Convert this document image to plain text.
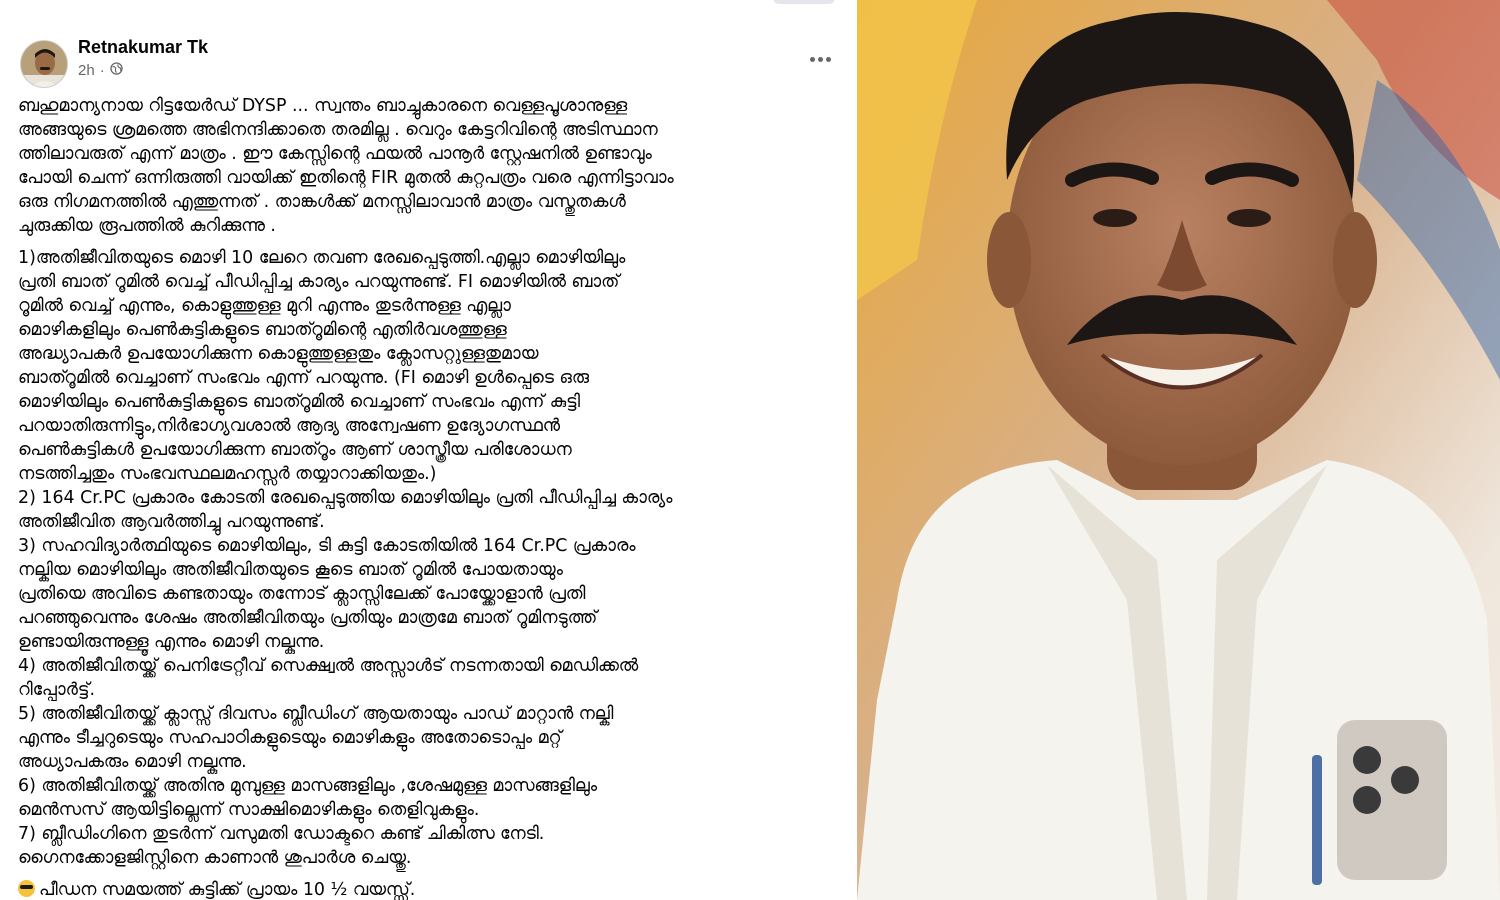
Retnakumar Tk
2h ·
ബഹുമാന്യനായ റിട്ടയേർഡ് DYSP ... സ്വന്തം ബാച്ചുകാരനെ വെള്ളപൂശാനുള്ള
അങ്ങയുടെ ശ്രമത്തെ അഭിനന്ദിക്കാതെ തരമില്ല . വെറും കേട്ടറിവിന്റെ അടിസ്ഥാന
ത്തിലാവരുത് എന്ന് മാത്രം . ഈ കേസ്സിന്റെ ഫയൽ പാനൂർ സ്റ്റേഷനിൽ ഉണ്ടാവും
പോയി ചെന്ന് ഒന്നിരുത്തി വായിക്ക് ഇതിന്റെ FIR മുതൽ കുറ്റപത്രം വരെ എന്നിട്ടാവാം
ഒരു നിഗമനത്തിൽ എത്തുന്നത് . താങ്കൾക്ക് മനസ്സിലാവാൻ മാത്രം വസ്തുതകൾ
ചുരുക്കിയ രൂപത്തിൽ കുറിക്കുന്നു .
1)അതിജീവിതയുടെ മൊഴി 10 ലേറെ തവണ രേഖപ്പെടുത്തി.എല്ലാ മൊഴിയിലും
പ്രതി ബാത് റൂമിൽ വെച്ച് പീഡിപ്പിച്ച കാര്യം പറയുന്നുണ്ട്. FI മൊഴിയിൽ ബാത്
റൂമിൽ വെച്ച് എന്നും, കൊളുത്തുള്ള മുറി എന്നും തുടർന്നുള്ള എല്ലാ
മൊഴികളിലും പെൺകുട്ടികളുടെ ബാത്റൂമിന്റെ എതിർവശത്തുള്ള
അദ്ധ്യാപകർ ഉപയോഗിക്കുന്ന കൊളുത്തുള്ളതും ക്ലോസറ്റുള്ളതുമായ
ബാത്റൂമിൽ വെച്ചാണ് സംഭവം എന്ന് പറയുന്നു. (FI മൊഴി ഉൾപ്പെടെ ഒരു
മൊഴിയിലും പെൺകുട്ടികളുടെ ബാത്റൂമിൽ വെച്ചാണ് സംഭവം എന്ന് കുട്ടി
പറയാതിരുന്നിട്ടും,നിർഭാഗ്യവശാൽ ആദ്യ അന്വേഷണ ഉദ്യോഗസ്ഥൻ
പെൺകുട്ടികൾ ഉപയോഗിക്കുന്ന ബാത്റൂം ആണ് ശാസ്ത്രീയ പരിശോധന
നടത്തിച്ചതും സംഭവസ്ഥലമഹസ്സർ തയ്യാറാക്കിയതും.)
2) 164 Cr.PC പ്രകാരം കോടതി രേഖപ്പെടുത്തിയ മൊഴിയിലും പ്രതി പീഡിപ്പിച്ച കാര്യം
അതിജീവിത ആവർത്തിച്ചു പറയുന്നുണ്ട്.
3) സഹവിദ്യാർത്ഥിയുടെ മൊഴിയിലും, ടി കുട്ടി കോടതിയിൽ 164 Cr.PC പ്രകാരം
നല്കിയ മൊഴിയിലും അതിജീവിതയുടെ കൂടെ ബാത് റൂമിൽ പോയതായും
പ്രതിയെ അവിടെ കണ്ടതായും തന്നോട് ക്ലാസ്സിലേക്ക് പോയ്ക്കോളാൻ പ്രതി
പറഞ്ഞുവെന്നും ശേഷം അതിജീവിതയും പ്രതിയും മാത്രമേ ബാത് റൂമിനടുത്ത്
ഉണ്ടായിരുന്നുള്ളൂ എന്നും മൊഴി നല്കുന്നു.
4) അതിജീവിതയ്ക്ക് പെനിട്രേറ്റീവ് സെക്ഷ്വൽ അസ്സാൾട് നടന്നതായി മെഡിക്കൽ
റിപ്പോർട്ട്.
5) അതിജീവിതയ്ക്ക് ക്ലാസ്സ് ദിവസം ബ്ലീഡിംഗ് ആയതായും പാഡ് മാറ്റാൻ നല്കി
എന്നും ടീച്ചറുടെയും സഹപാഠികളുടെയും മൊഴികളും അതോടൊപ്പം മറ്റ്
അധ്യാപകരും മൊഴി നല്കുന്നു.
6) അതിജീവിതയ്ക്ക് അതിനു മുമ്പുള്ള മാസങ്ങളിലും ,ശേഷമുള്ള മാസങ്ങളിലും
മെൻസസ് ആയിട്ടില്ലെന്ന് സാക്ഷിമൊഴികളും തെളിവുകളും.
7) ബ്ലീഡിംഗിനെ തുടർന്ന് വസുമതി ഡോക്ടറെ കണ്ട് ചികിത്സ നേടി.
ഗൈനക്കോളജിസ്റ്റിനെ കാണാൻ ശുപാർശ ചെയ്തു.
പീഡന സമയത്ത് കുട്ടിക്ക് പ്രായം 10 ½ വയസ്സ്.
